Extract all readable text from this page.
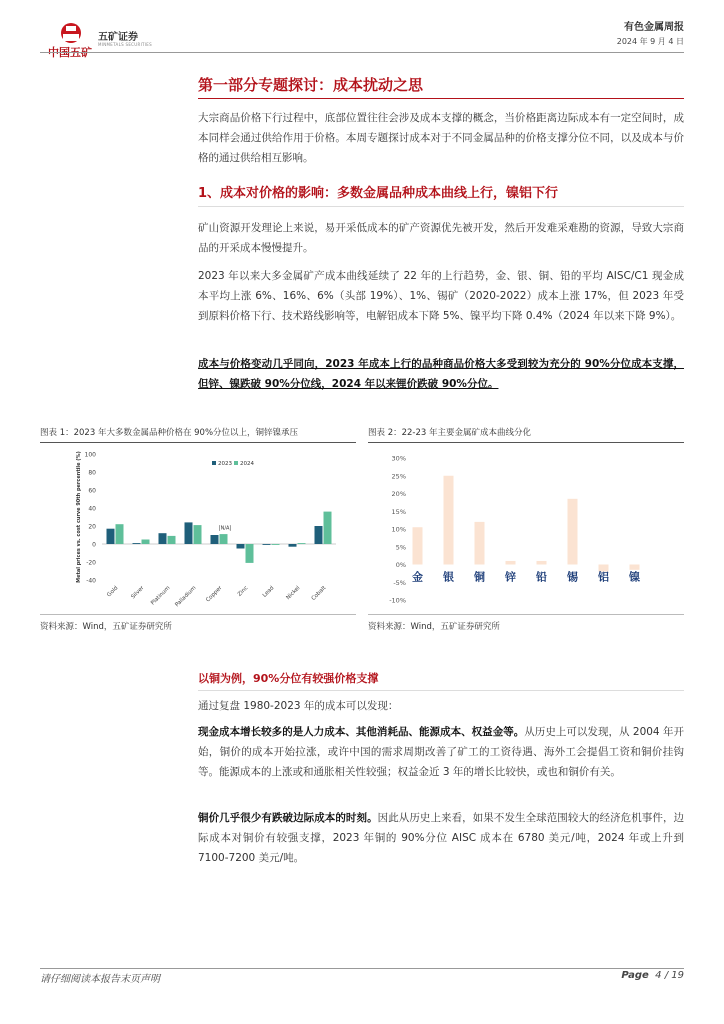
中国五矿
五矿证券
MINMETALS SECURITIES
有色金属周报
2024 年 9 月 4 日
第一部分专题探讨：成本扰动之思
大宗商品价格下行过程中，底部位置往往会涉及成本支撑的概念，当价格距离边际成本有一定空间时，成本同样会通过供给作用于价格。本周专题探讨成本对于不同金属品种的价格支撑分位不同，以及成本与价格的通过供给相互影响。
1、成本对价格的影响：多数金属品种成本曲线上行，镍铝下行
矿山资源开发理论上来说，易开采低成本的矿产资源优先被开发，然后开发难采难勘的资源，导致大宗商品的开采成本慢慢提升。
2023 年以来大多金属矿产成本曲线延续了 22 年的上行趋势，金、银、铜、铅的平均 AISC/C1 现金成本平均上涨 6%、16%、6%（头部 19%）、1%、锡矿（2020-2022）成本上涨 17%，但 2023 年受到原料价格下行、技术路线影响等，电解铝成本下降 5%、镍平均下降 0.4%（2024 年以来下降 9%）。
成本与价格变动几乎同向，2023 年成本上行的品种商品价格大多受到较为充分的 90%分位成本支撑，但锌、镍跌破 90%分位线，2024 年以来锂价跌破 90%分位。
图表 1：2023 年大多数金属品种价格在 90%分位以上，铜锌镍承压
-40
-20
0
20
40
60
80
100
Metal prices vs. cost curve 90th percentile (%)
Gold Silver Platinum Palladium Copper Zinc Lead Nickel Cobalt
[N/A]
2023 2024
资料来源：Wind，五矿证券研究所
图表 2：22-23 年主要金属矿成本曲线分化
30%
25%
20%
15%
10%
5%
0%
-5%
-10%
金 银 铜 锌 铅 锡 铝 镍
资料来源：Wind，五矿证券研究所
以铜为例，90%分位有较强价格支撑
通过复盘 1980-2023 年的成本可以发现：
现金成本增长较多的是人力成本、其他消耗品、能源成本、权益金等。从历史上可以发现，从 2004 年开始，铜价的成本开始拉涨，或许中国的需求周期改善了矿工的工资待遇、海外工会提倡工资和铜价挂钩等。能源成本的上涨或和通胀相关性较强；权益金近 3 年的增长比较快，或也和铜价有关。
铜价几乎很少有跌破边际成本的时刻。因此从历史上来看，如果不发生全球范围较大的经济危机事件，边际成本对铜价有较强支撑，2023 年铜的 90%分位 AISC 成本在 6780 美元/吨，2024 年或上升到 7100-7200 美元/吨。
请仔细阅读本报告末页声明	Page 4 / 19
